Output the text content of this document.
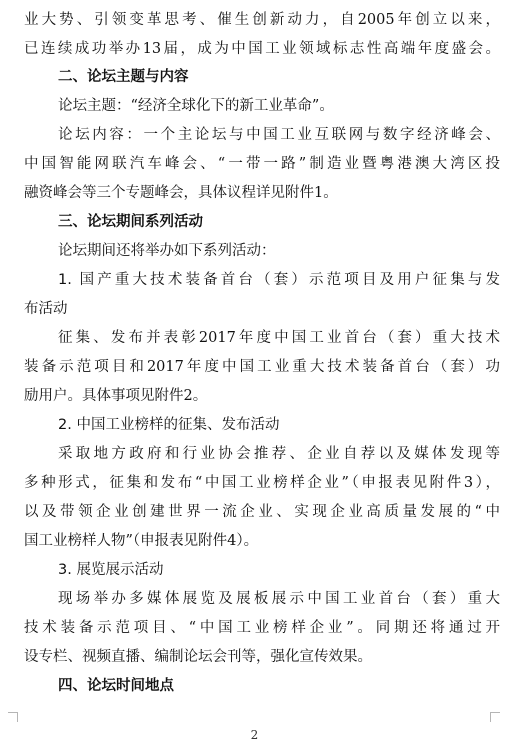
业大势、引领变革思考、催生创新动力，自2005年创立以来，
已连续成功举办13届，成为中国工业领域标志性高端年度盛会。
二、论坛主题与内容
论坛主题：“经济全球化下的新工业革命”。
论坛内容：一个主论坛与中国工业互联网与数字经济峰会、
中国智能网联汽车峰会、“一带一路”制造业暨粤港澳大湾区投
融资峰会等三个专题峰会，具体议程详见附件1。
三、论坛期间系列活动
论坛期间还将举办如下系列活动：
1. 国产重大技术装备首台（套）示范项目及用户征集与发
布活动
征集、发布并表彰2017年度中国工业首台（套）重大技术
装备示范项目和2017年度中国工业重大技术装备首台（套）功
励用户。具体事项见附件2。
2. 中国工业榜样的征集、发布活动
采取地方政府和行业协会推荐、企业自荐以及媒体发现等
多种形式，征集和发布“中国工业榜样企业”（申报表见附件3），
以及带领企业创建世界一流企业、实现企业高质量发展的“中
国工业榜样人物”（申报表见附件4）。
3. 展览展示活动
现场举办多媒体展览及展板展示中国工业首台（套）重大
技术装备示范项目、“中国工业榜样企业”。同期还将通过开
设专栏、视频直播、编制论坛会刊等，强化宣传效果。
四、论坛时间地点
2
